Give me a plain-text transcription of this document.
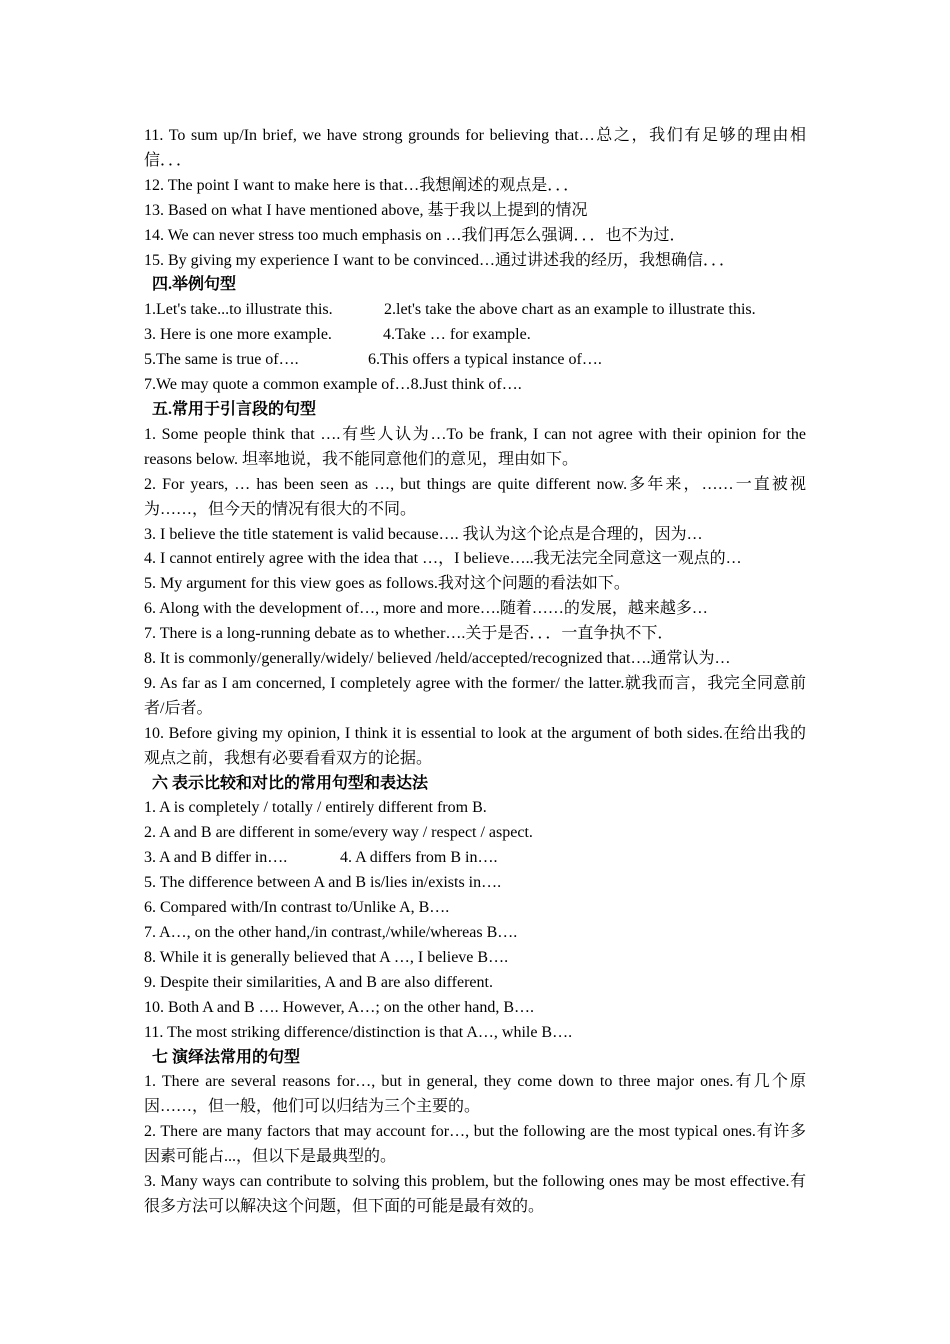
11. To sum up/In brief, we have strong grounds for believing that…总之，我们有足够的理由相信．．．
12. The point I want to make here is that…我想阐述的观点是．．．
13. Based on what I have mentioned above, 基于我以上提到的情况
14. We can never stress too much emphasis on …我们再怎么强调．．．也不为过．
15. By giving my experience I want to be convinced…通过讲述我的经历，我想确信．．．
四.举例句型
1.Let's take...to illustrate this.	2.let's take the above chart as an example to illustrate this.
3. Here is one more example.	4.Take … for example.
5.The same is true of….	6.This offers a typical instance of….
7.We may quote a common example of…8.Just think of….
五.常用于引言段的句型
1. Some people think that ….有些人认为…To be frank, I can not agree with their opinion for the reasons below. 坦率地说，我不能同意他们的意见，理由如下。
2. For years, … has been seen as …, but things are quite different now.多年来，……一直被视为……，但今天的情况有很大的不同。
3. I believe the title statement is valid because…. 我认为这个论点是合理的，因为…
4. I cannot entirely agree with the idea that …，I believe…..我无法完全同意这一观点的…
5. My argument for this view goes as follows.我对这个问题的看法如下。
6. Along with the development of…, more and more….随着……的发展，越来越多…
7. There is a long-running debate as to whether….关于是否．．．一直争执不下．
8. It is commonly/generally/widely/ believed /held/accepted/recognized that….通常认为…
9. As far as I am concerned, I completely agree with the former/ the latter.就我而言，我完全同意前者/后者。
10. Before giving my opinion, I think it is essential to look at the argument of both sides.在给出我的观点之前，我想有必要看看双方的论据。
六 表示比较和对比的常用句型和表达法
1. A is completely / totally / entirely different from B.
2. A and B are different in some/every way / respect / aspect.
3. A and B differ in….	4. A differs from B in….
5. The difference between A and B is/lies in/exists in….
6. Compared with/In contrast to/Unlike A, B….
7. A…, on the other hand,/in contrast,/while/whereas B….
8. While it is generally believed that A …, I believe B….
9. Despite their similarities, A and B are also different.
10. Both A and B …. However, A…; on the other hand, B….
11. The most striking difference/distinction is that A…, while B….
七 演绎法常用的句型
1. There are several reasons for…, but in general, they come down to three major ones.有几个原因……，但一般，他们可以归结为三个主要的。
2. There are many factors that may account for…, but the following are the most typical ones.有许多因素可能占...，但以下是最典型的。
3. Many ways can contribute to solving this problem, but the following ones may be most effective.有很多方法可以解决这个问题，但下面的可能是最有效的。
